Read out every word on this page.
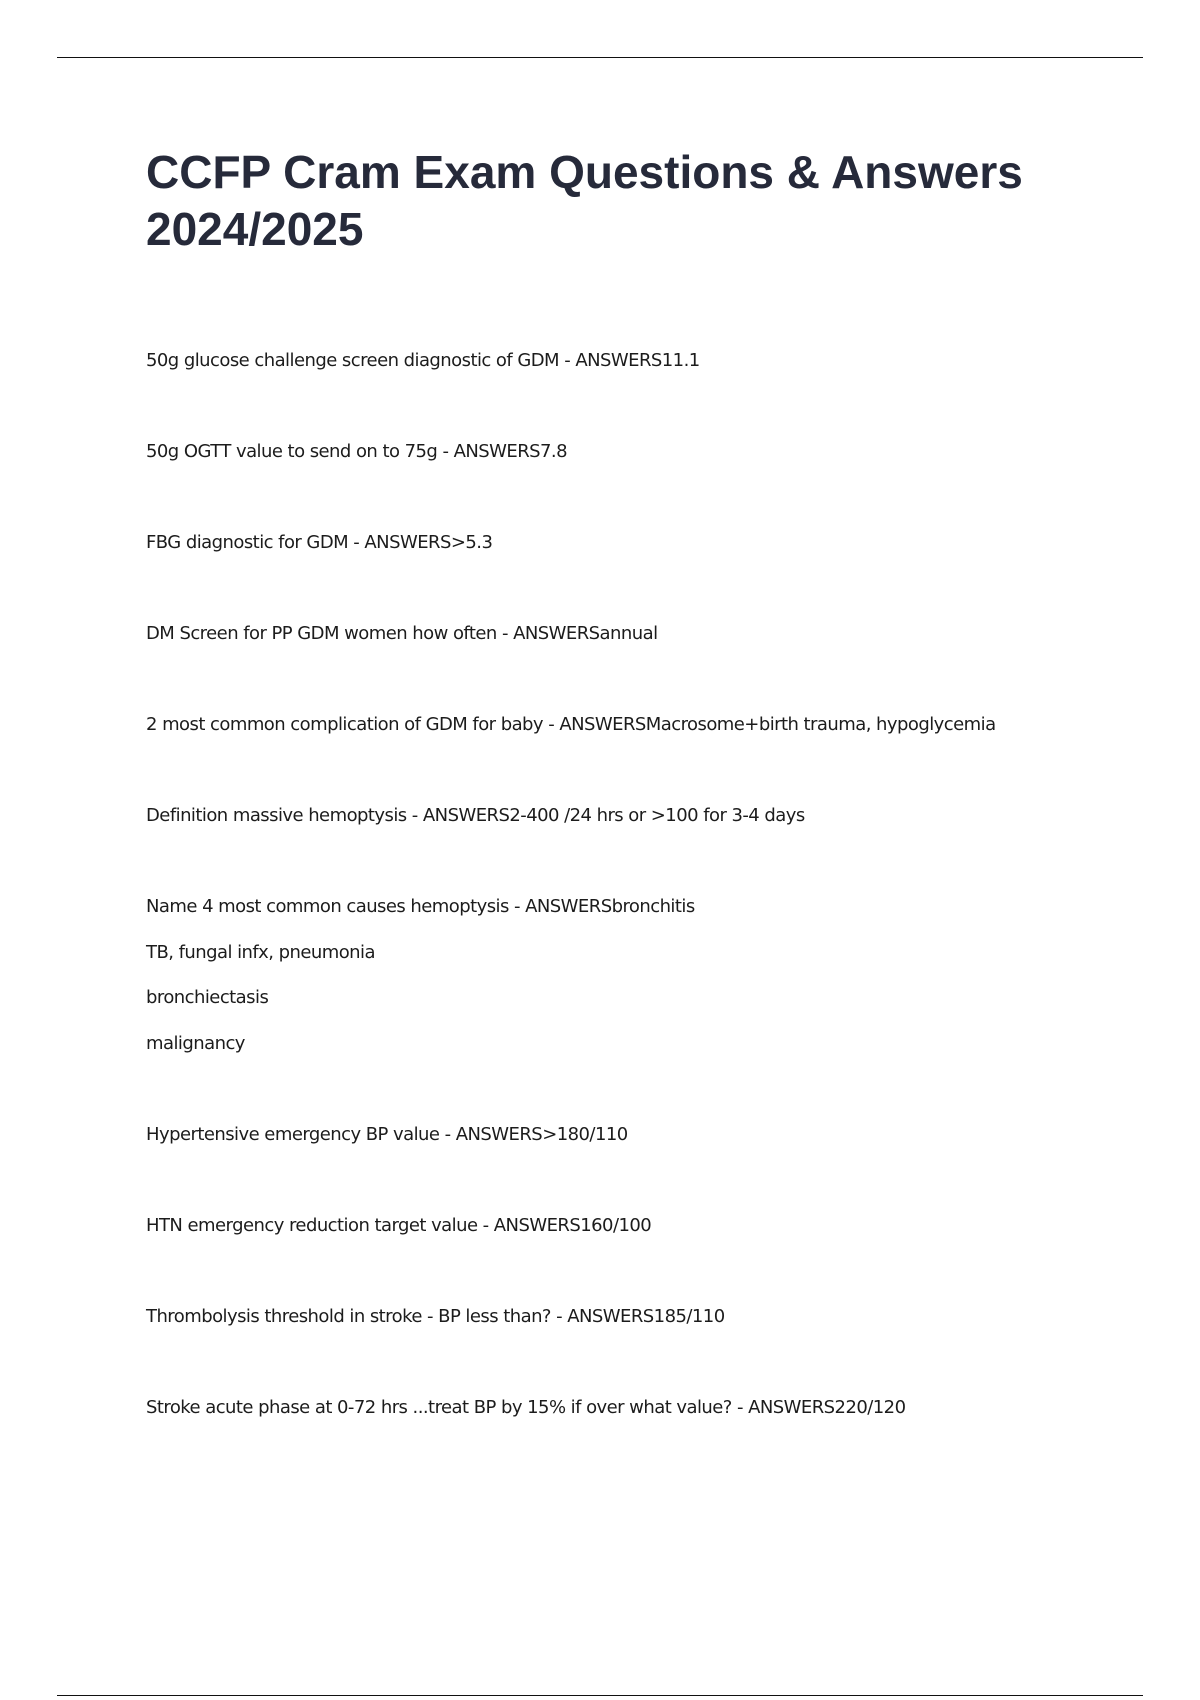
CCFP Cram Exam Questions & Answers
2024/2025

50g glucose challenge screen diagnostic of GDM - ANSWERS11.1

50g OGTT value to send on to 75g - ANSWERS7.8

FBG diagnostic for GDM - ANSWERS>5.3

DM Screen for PP GDM women how often - ANSWERSannual

2 most common complication of GDM for baby - ANSWERSMacrosome+birth trauma, hypoglycemia

Definition massive hemoptysis - ANSWERS2-400 /24 hrs or >100 for 3-4 days

Name 4 most common causes hemoptysis - ANSWERSbronchitis

TB, fungal infx, pneumonia

bronchiectasis

malignancy

Hypertensive emergency BP value - ANSWERS>180/110

HTN emergency reduction target value - ANSWERS160/100

Thrombolysis threshold in stroke - BP less than? - ANSWERS185/110

Stroke acute phase at 0-72 hrs ...treat BP by 15% if over what value? - ANSWERS220/120
